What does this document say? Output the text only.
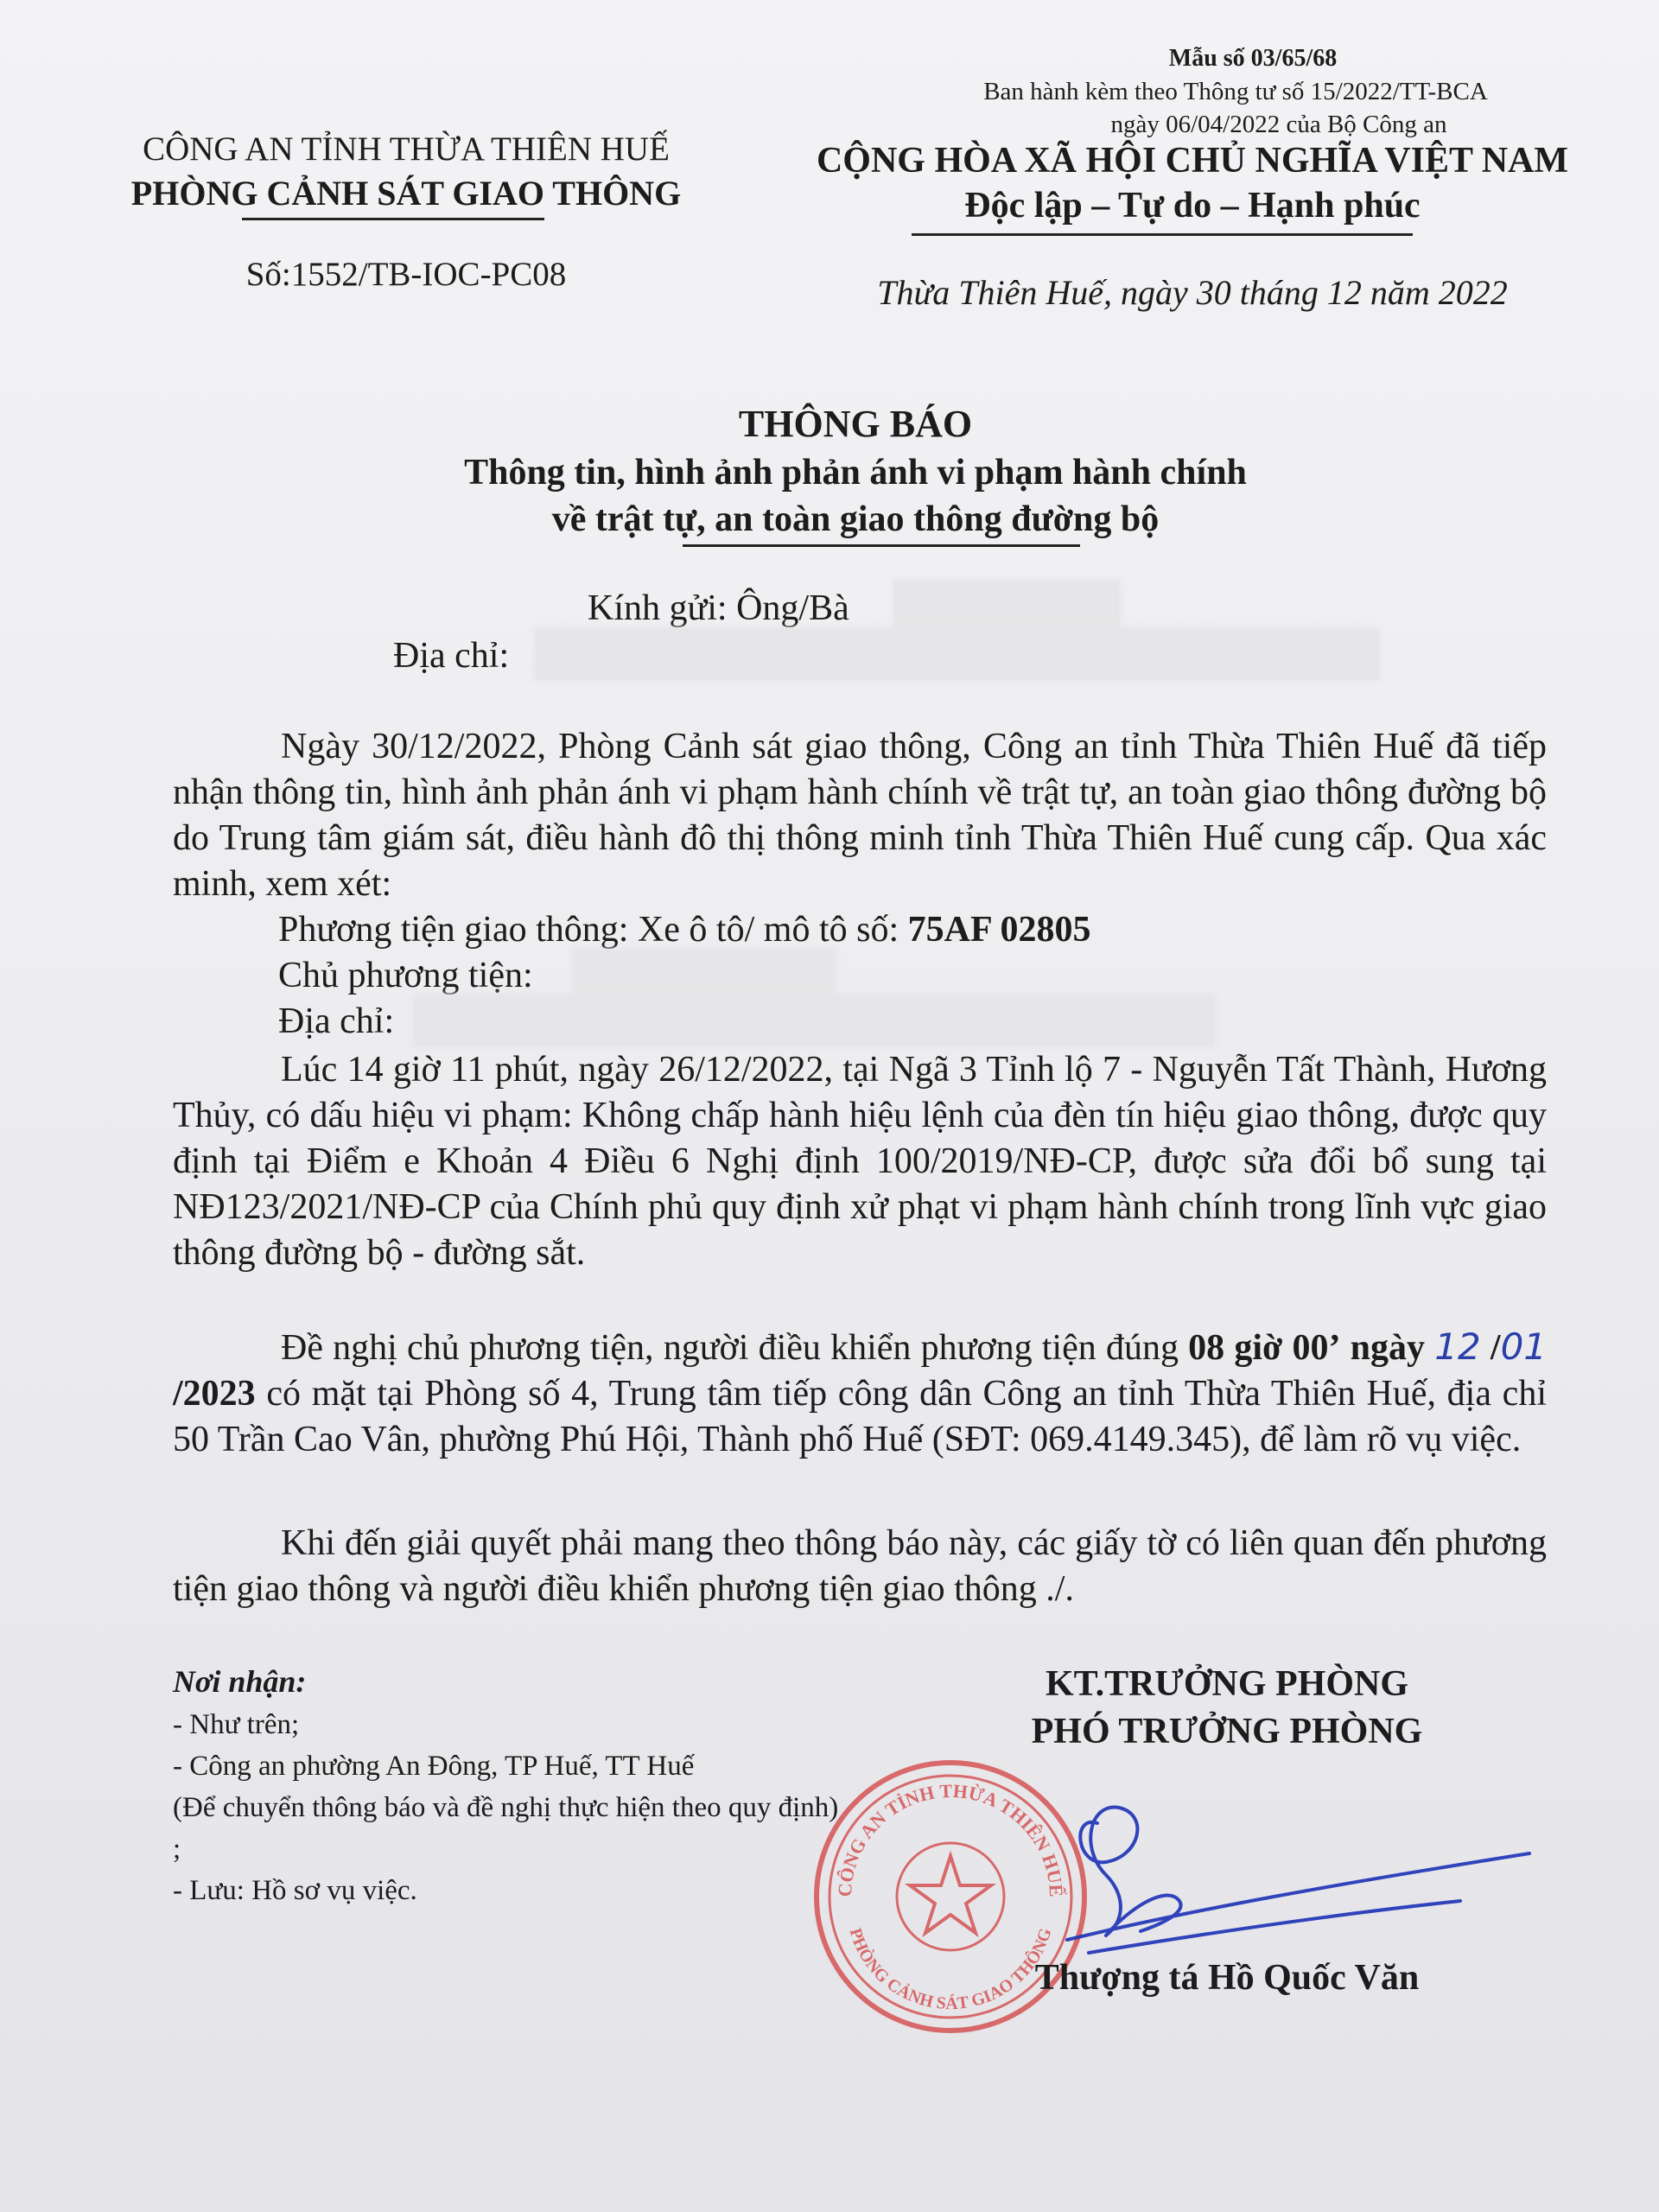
Mẫu số 03/65/68
Ban hành kèm theo Thông tư số 15/2022/TT-BCA
ngày 06/04/2022 của Bộ Công an
CÔNG AN TỈNH THỪA THIÊN HUẾ
PHÒNG CẢNH SÁT GIAO THÔNG
Số:1552/TB-IOC-PC08
CỘNG HÒA XÃ HỘI CHỦ NGHĨA VIỆT NAM
Độc lập – Tự do – Hạnh phúc
Thừa Thiên Huế, ngày 30 tháng 12 năm 2022
THÔNG BÁO
Thông tin, hình ảnh phản ánh vi phạm hành chính
về trật tự, an toàn giao thông đường bộ
Kính gửi: Ông/Bà
Địa chỉ:
Ngày 30/12/2022, Phòng Cảnh sát giao thông, Công an tỉnh Thừa Thiên Huế đã tiếp nhận thông tin, hình ảnh phản ánh vi phạm hành chính về trật tự, an toàn giao thông đường bộ do Trung tâm giám sát, điều hành đô thị thông minh tỉnh Thừa Thiên Huế cung cấp. Qua xác minh, xem xét:
Phương tiện giao thông: Xe ô tô/ mô tô số: 75AF 02805
Chủ phương tiện:
Địa chỉ:
Lúc 14 giờ 11 phút, ngày 26/12/2022, tại Ngã 3 Tỉnh lộ 7 - Nguyễn Tất Thành, Hương Thủy, có dấu hiệu vi phạm: Không chấp hành hiệu lệnh của đèn tín hiệu giao thông, được quy định tại Điểm e Khoản 4 Điều 6 Nghị định 100/2019/NĐ-CP, được sửa đổi bổ sung tại NĐ123/2021/NĐ-CP của Chính phủ quy định xử phạt vi phạm hành chính trong lĩnh vực giao thông đường bộ - đường sắt.
Đề nghị chủ phương tiện, người điều khiển phương tiện đúng 08 giờ 00’ ngày 12 /01 /2023 có mặt tại Phòng số 4, Trung tâm tiếp công dân Công an tỉnh Thừa Thiên Huế, địa chỉ 50 Trần Cao Vân, phường Phú Hội, Thành phố Huế (SĐT: 069.4149.345), để làm rõ vụ việc.
Khi đến giải quyết phải mang theo thông báo này, các giấy tờ có liên quan đến phương tiện giao thông và người điều khiển phương tiện giao thông ./.
Nơi nhận:
- Như trên;
- Công an phường An Đông, TP Huế, TT Huế
(Để chuyển thông báo và đề nghị thực hiện theo quy định) ;
- Lưu: Hồ sơ vụ việc.
KT.TRƯỞNG PHÒNG
PHÓ TRƯỞNG PHÒNG
CÔNG AN TỈNH THỪA THIÊN HUẾ
PHÒNG CẢNH SÁT GIAO THÔNG
Thượng tá Hồ Quốc Văn
